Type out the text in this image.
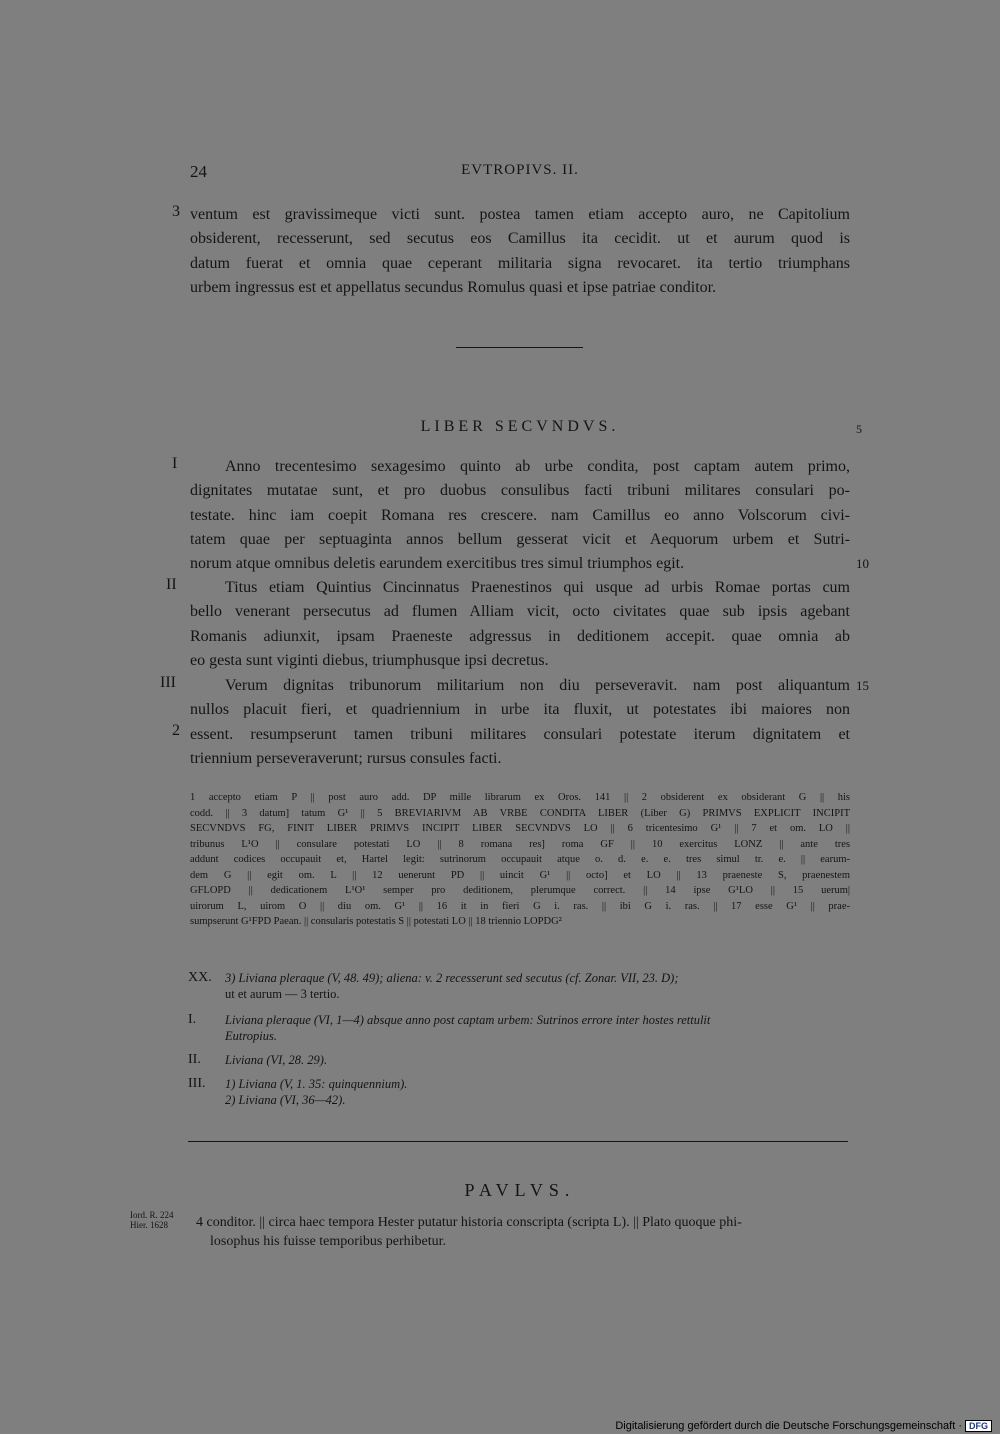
24	EVTROPIVS. II.
3 ventum est gravissimeque victi sunt. postea tamen etiam accepto auro, ne Capitolium
obsiderent, recesserunt, sed secutus eos Camillus ita cecidit. ut et aurum quod is
datum fuerat et omnia quae ceperant militaria signa revocaret. ita tertio triumphans
urbem ingressus est et appellatus secundus Romulus quasi et ipse patriae conditor.
LIBER SECVNDVS.	5
I	Anno trecentesimo sexagesimo quinto ab urbe condita, post captam autem primo,
dignitates mutatae sunt, et pro duobus consulibus facti tribuni militares consulari po-
testate. hinc iam coepit Romana res crescere. nam Camillus eo anno Volscorum civi-
tatem quae per septuaginta annos bellum gesserat vicit et Aequorum urbem et Sutri-
norum atque omnibus deletis earundem exercitibus tres simul triumphos egit.	10
II	Titus etiam Quintius Cincinnatus Praenestinos qui usque ad urbis Romae portas cum
bello venerant persecutus ad flumen Alliam vicit, octo civitates quae sub ipsis agebant
Romanis adiunxit, ipsam Praeneste adgressus in deditionem accepit. quae omnia ab
eo gesta sunt viginti diebus, triumphusque ipsi decretus.
III
2
Verum dignitas tribunorum militarium non diu perseveravit. nam post aliquantum
nullos placuit fieri, et quadriennium in urbe ita fluxit, ut potestates ibi maiores non
essent. resumpserunt tamen tribuni militares consulari potestate iterum dignitatem et
triennium perseveraverunt; rursus consules facti.
15
1 accepto etiam P || post auro add. DP mille librarum ex Oros. 141 || 2 obsiderent ex obsiderant G || his
codd. || 3 datum] tatum G¹ || 5 BREVIARIVM AB VRBE CONDITA LIBER (Liber G) PRIMVS EXPLICIT INCIPIT
SECVNDVS FG, FINIT LIBER PRIMVS INCIPIT LIBER SECVNDVS LO || 6 tricentesimo G¹ || 7 et om. LO ||
tribunus L¹O || consulare potestati LO || 8 romana res] roma GF || 10 exercitus LONZ || ante tres
addunt codices occupauit et, Hartel legit: sutrinorum occupauit atque o. d. e. e. tres simul tr. e. || earum-
dem G || egit om. L || 12 uenerunt PD || uincit G¹ || octo] et LO || 13 praeneste S, praenestem
GFLOPD || dedicationem L¹O¹ semper pro deditionem, plerumque correct. || 14 ipse G¹LO || 15 uerum|
uirorum L, uirom O || diu om. G¹ || 16 it in fieri G i. ras. || ibi G i. ras. || 17 esse G¹ || prae-
sumpserunt G¹FPD Paean. || consularis potestatis S || potestati LO || 18 triennio LOPDG²
XX. 3) Liviana pleraque (V, 48. 49); aliena: v. 2 recesserunt sed secutus (cf. Zonar. VII, 23. D);
ut et aurum — 3 tertio.
I. Liviana pleraque (VI, 1—4) absque anno post captam urbem: Sutrinos errore inter hostes rettulit
Eutropius.
II. Liviana (VI, 28. 29).
III. 1) Liviana (V, 1. 35: quinquennium).
2) Liviana (VI, 36—42).
PAVLVS.
Iord. R. 224
Hier. 1628	4 conditor. || circa haec tempora Hester putatur historia conscripta (scripta L). || Plato quoque phi-
losophus his fuisse temporibus perhibetur.
Digitalisierung gefördert durch die Deutsche Forschungsgemeinschaft · DFG
